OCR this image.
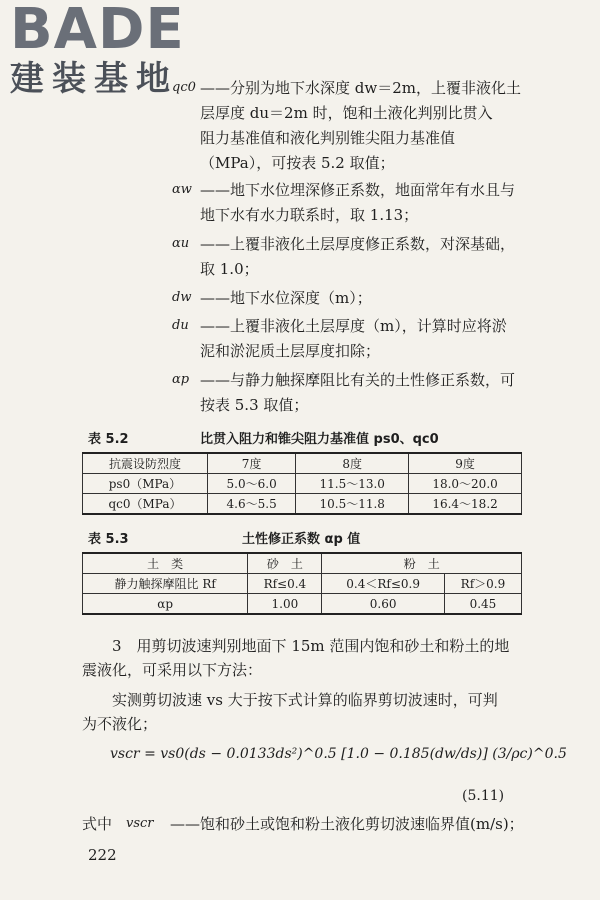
BADE
建装基地
qc0 ——分别为地下水深度 dw＝2m，上覆非液化土
层厚度 du＝2m 时，饱和土液化判别比贯入
阻力基准值和液化判别锥尖阻力基准值
（MPa），可按表 5.2 取值；
αw ——地下水位埋深修正系数，地面常年有水且与
地下水有水力联系时，取 1.13；
αu ——上覆非液化土层厚度修正系数，对深基础，
取 1.0；
dw ——地下水位深度（m）；
du ——上覆非液化土层厚度（m），计算时应将淤
泥和淤泥质土层厚度扣除；
αp ——与静力触探摩阻比有关的土性修正系数，可
按表 5.3 取值；
表 5.2	比贯入阻力和锥尖阻力基准值 ps0、qc0
抗震设防烈度	7度	8度	9度
ps0（MPa）	5.0～6.0	11.5～13.0	18.0～20.0
qc0（MPa）	4.6～5.5	10.5～11.8	16.4～18.2
表 5.3	土性修正系数 αp 值
土　类	砂　土	粉　土	
静力触探摩阻比 Rf	Rf≤0.4	0.4＜Rf≤0.9	Rf＞0.9
αp	1.00	0.60	0.45
3　用剪切波速判别地面下 15m 范围内饱和砂土和粉土的地
震液化，可采用以下方法：
实测剪切波速 vs 大于按下式计算的临界剪切波速时，可判
为不液化；
vscr = vs0(ds − 0.0133ds²)^0.5 [1.0 − 0.185(dw/ds)] (3/ρc)^0.5
(5.11)
式中 vscr ——饱和砂土或饱和粉土液化剪切波速临界值(m/s)；
222
